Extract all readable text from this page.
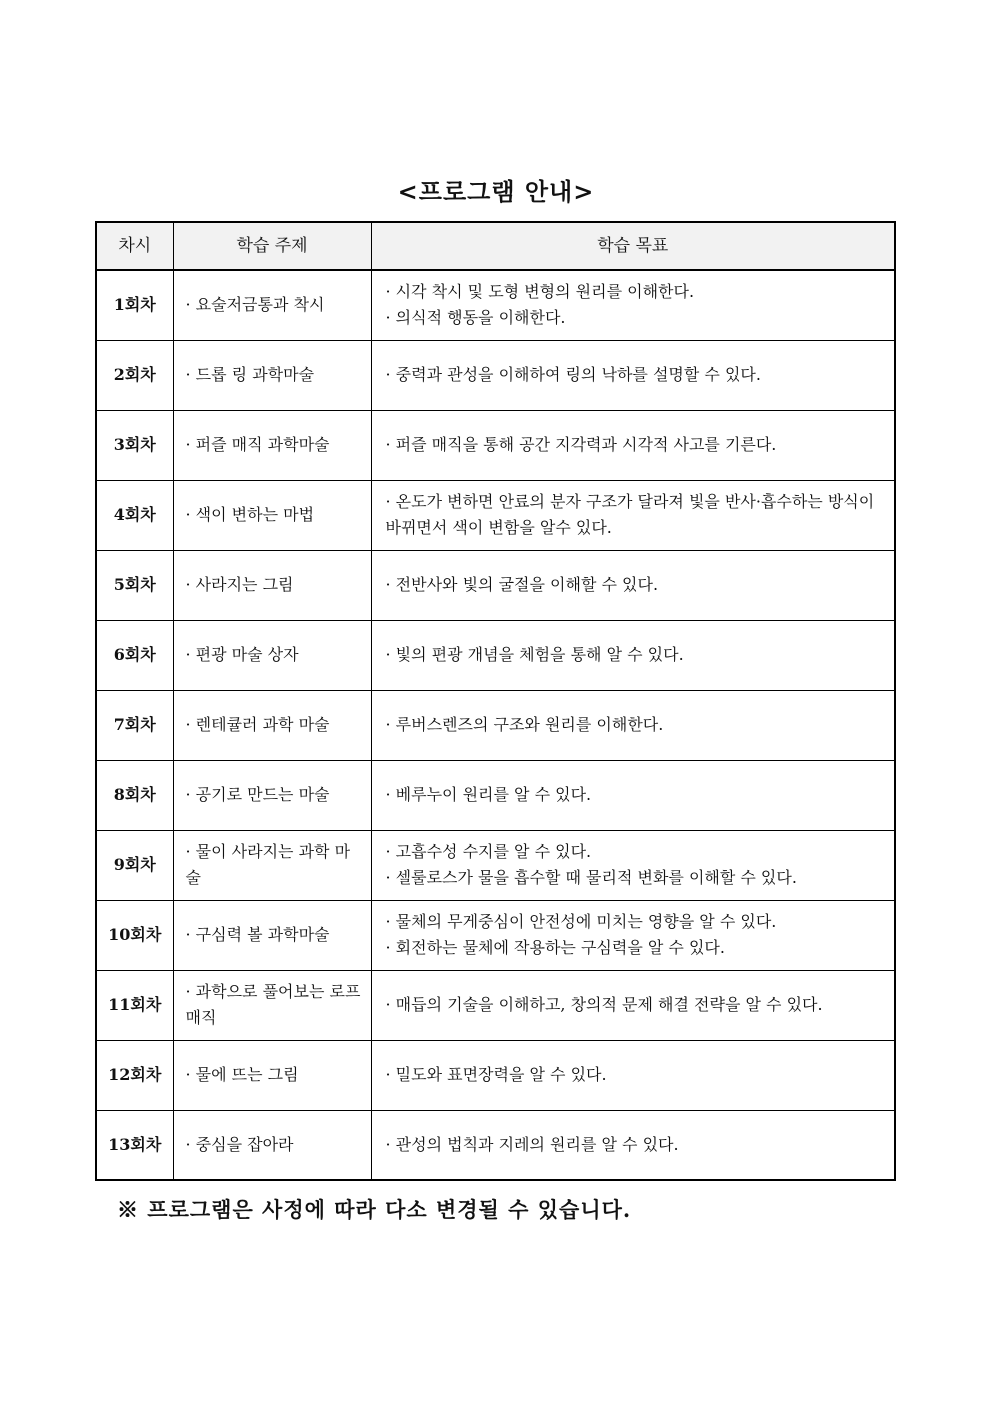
<프로그램 안내>
차시	학습 주제	학습 목표
1회차	· 요술저금통과 착시	· 시각 착시 및 도형 변형의 원리를 이해한다.
· 의식적 행동을 이해한다.

2회차	· 드롭 링 과학마술	· 중력과 관성을 이해하여 링의 낙하를 설명할 수 있다.

3회차	· 퍼즐 매직 과학마술	· 퍼즐 매직을 통해 공간 지각력과 시각적 사고를 기른다.

4회차	· 색이 변하는 마법	· 온도가 변하면 안료의 분자 구조가 달라져 빛을 반사·흡수하는 방식이 바뀌면서 색이 변함을 알수 있다.

5회차	· 사라지는 그림	· 전반사와 빛의 굴절을 이해할 수 있다.

6회차	· 편광 마술 상자	· 빛의 편광 개념을 체험을 통해 알 수 있다.

7회차	· 렌테큘러 과학 마술	· 루버스렌즈의 구조와 원리를 이해한다.

8회차	· 공기로 만드는 마술	· 베루누이 원리를 알 수 있다.

9회차	· 물이 사라지는 과학 마술	· 고흡수성 수지를 알 수 있다.
· 셀룰로스가 물을 흡수할 때 물리적 변화를 이해할 수 있다.

10회차	· 구심력 볼 과학마술	· 물체의 무게중심이 안전성에 미치는 영향을 알 수 있다.
· 회전하는 물체에 작용하는 구심력을 알 수 있다.

11회차	· 과학으로 풀어보는 로프 매직	· 매듭의 기술을 이해하고, 창의적 문제 해결 전략을 알 수 있다.

12회차	· 물에 뜨는 그림	· 밀도와 표면장력을 알 수 있다.

13회차	· 중심을 잡아라	· 관성의 법칙과 지레의 원리를 알 수 있다.
※ 프로그램은 사정에 따라 다소 변경될 수 있습니다.
